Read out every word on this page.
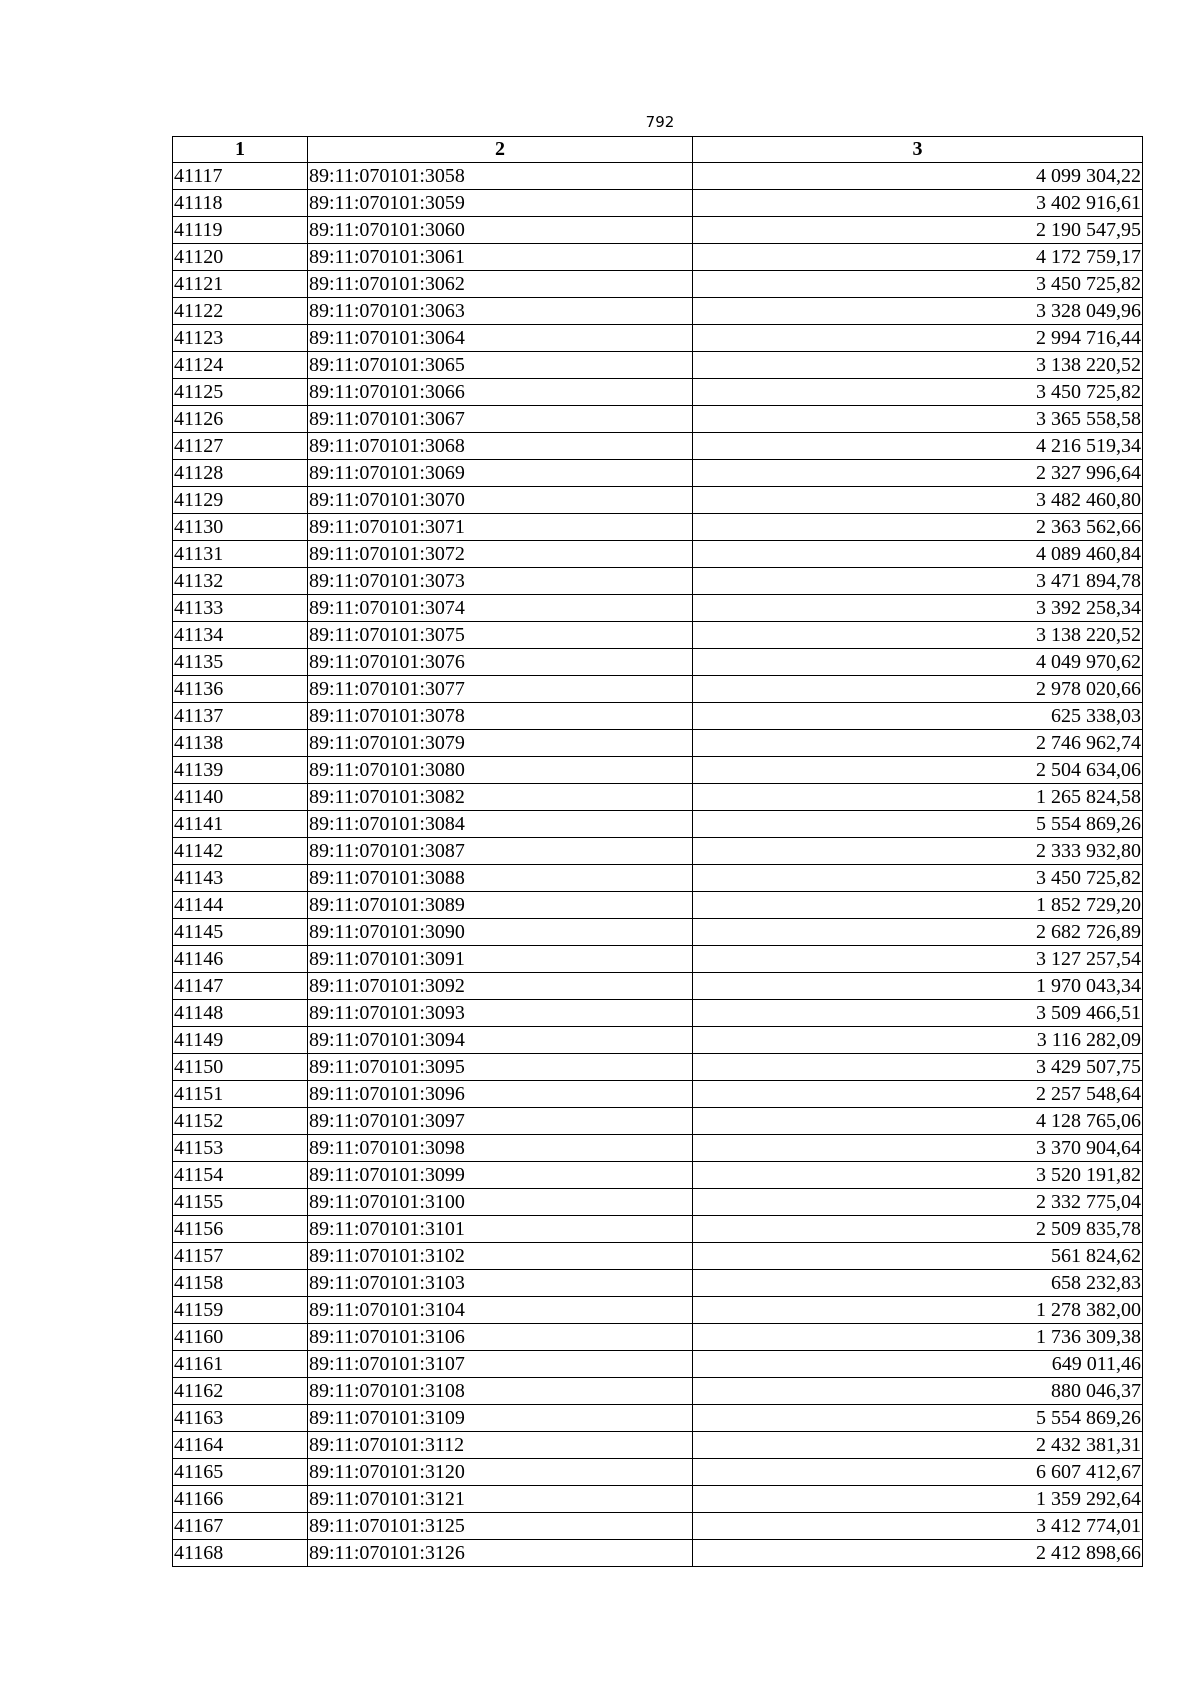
792
1	2	3
41117	89:11:070101:3058	4 099 304,22
41118	89:11:070101:3059	3 402 916,61
41119	89:11:070101:3060	2 190 547,95
41120	89:11:070101:3061	4 172 759,17
41121	89:11:070101:3062	3 450 725,82
41122	89:11:070101:3063	3 328 049,96
41123	89:11:070101:3064	2 994 716,44
41124	89:11:070101:3065	3 138 220,52
41125	89:11:070101:3066	3 450 725,82
41126	89:11:070101:3067	3 365 558,58
41127	89:11:070101:3068	4 216 519,34
41128	89:11:070101:3069	2 327 996,64
41129	89:11:070101:3070	3 482 460,80
41130	89:11:070101:3071	2 363 562,66
41131	89:11:070101:3072	4 089 460,84
41132	89:11:070101:3073	3 471 894,78
41133	89:11:070101:3074	3 392 258,34
41134	89:11:070101:3075	3 138 220,52
41135	89:11:070101:3076	4 049 970,62
41136	89:11:070101:3077	2 978 020,66
41137	89:11:070101:3078	625 338,03
41138	89:11:070101:3079	2 746 962,74
41139	89:11:070101:3080	2 504 634,06
41140	89:11:070101:3082	1 265 824,58
41141	89:11:070101:3084	5 554 869,26
41142	89:11:070101:3087	2 333 932,80
41143	89:11:070101:3088	3 450 725,82
41144	89:11:070101:3089	1 852 729,20
41145	89:11:070101:3090	2 682 726,89
41146	89:11:070101:3091	3 127 257,54
41147	89:11:070101:3092	1 970 043,34
41148	89:11:070101:3093	3 509 466,51
41149	89:11:070101:3094	3 116 282,09
41150	89:11:070101:3095	3 429 507,75
41151	89:11:070101:3096	2 257 548,64
41152	89:11:070101:3097	4 128 765,06
41153	89:11:070101:3098	3 370 904,64
41154	89:11:070101:3099	3 520 191,82
41155	89:11:070101:3100	2 332 775,04
41156	89:11:070101:3101	2 509 835,78
41157	89:11:070101:3102	561 824,62
41158	89:11:070101:3103	658 232,83
41159	89:11:070101:3104	1 278 382,00
41160	89:11:070101:3106	1 736 309,38
41161	89:11:070101:3107	649 011,46
41162	89:11:070101:3108	880 046,37
41163	89:11:070101:3109	5 554 869,26
41164	89:11:070101:3112	2 432 381,31
41165	89:11:070101:3120	6 607 412,67
41166	89:11:070101:3121	1 359 292,64
41167	89:11:070101:3125	3 412 774,01
41168	89:11:070101:3126	2 412 898,66
